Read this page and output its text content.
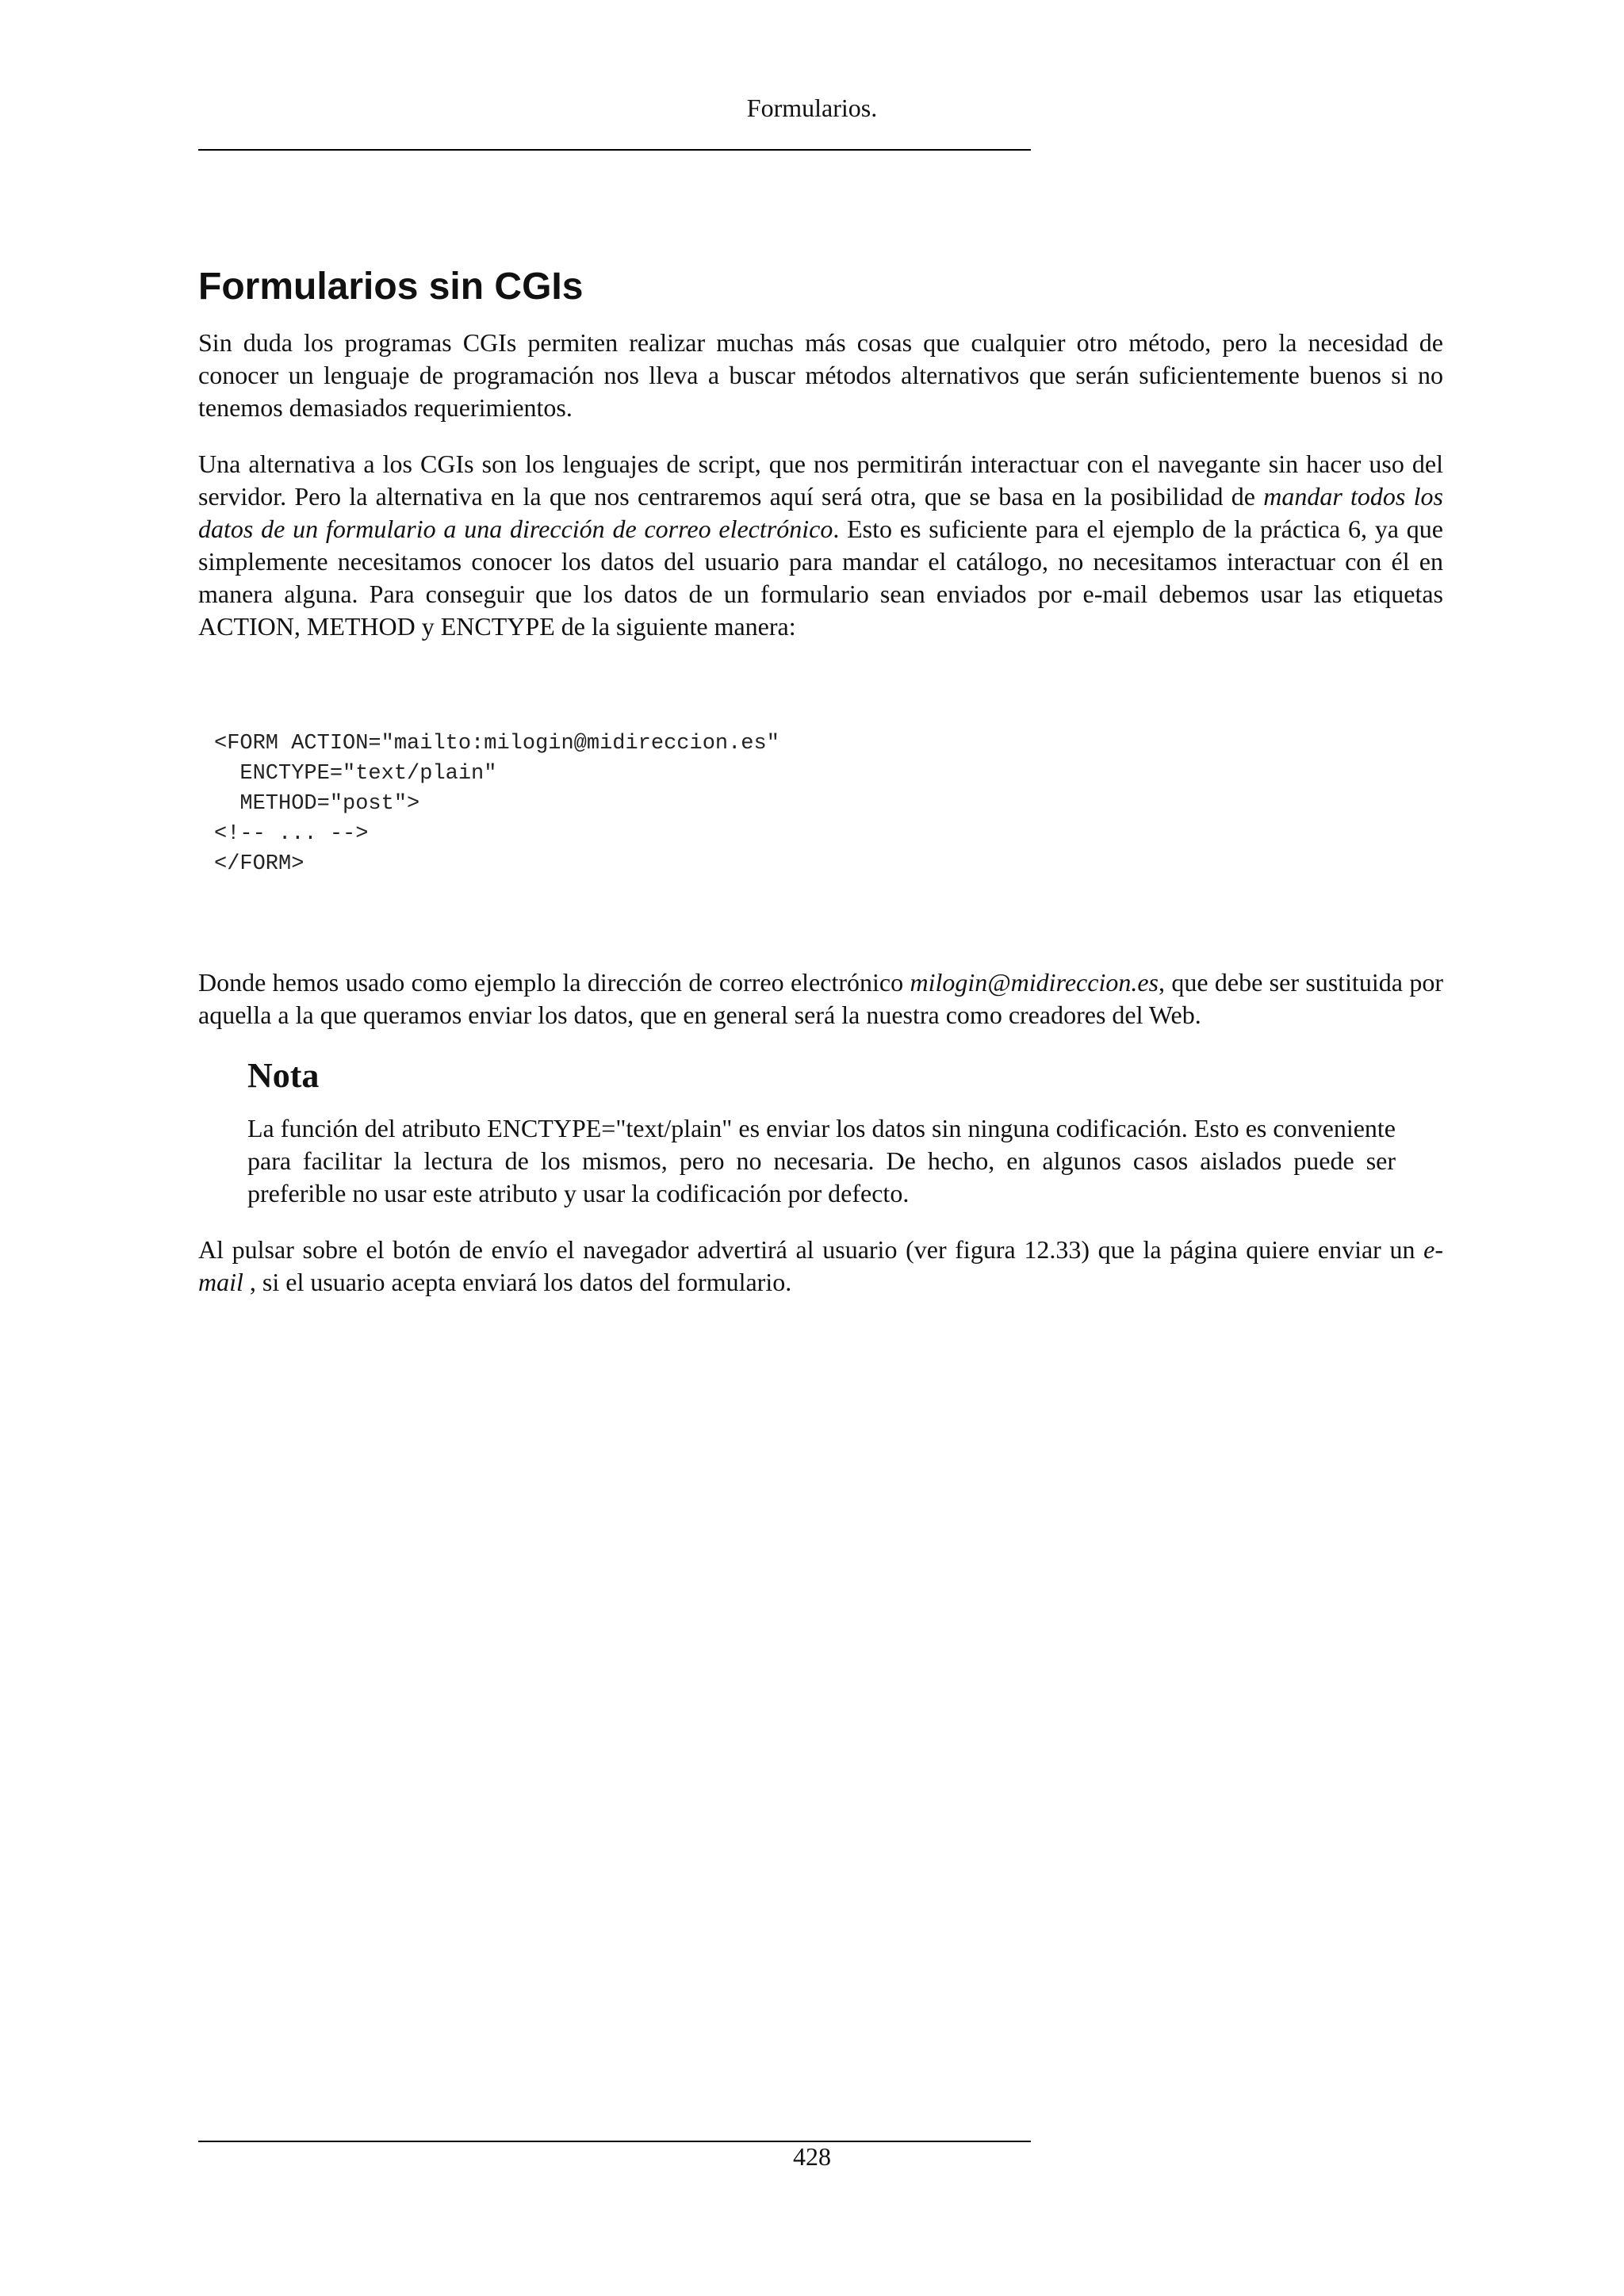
Formularios.
Formularios sin CGIs

Sin duda los programas CGIs permiten realizar muchas más cosas que cualquier otro método, pero la necesidad de conocer un lenguaje de programación nos lleva a buscar métodos alternativos que serán suficientemente buenos si no tenemos demasiados requerimientos.

Una alternativa a los CGIs son los lenguajes de script, que nos permitirán interactuar con el navegante sin hacer uso del servidor. Pero la alternativa en la que nos centraremos aquí será otra, que se basa en la posibilidad de mandar todos los datos de un formulario a una dirección de correo electrónico. Esto es suficiente para el ejemplo de la práctica 6, ya que simplemente necesitamos conocer los datos del usuario para mandar el catálogo, no necesitamos interactuar con él en manera alguna. Para conseguir que los datos de un formulario sean enviados por e-mail debemos usar las etiquetas ACTION, METHOD y ENCTYPE de la siguiente manera:

<FORM ACTION="mailto:milogin@midireccion.es"
ENCTYPE="text/plain"
METHOD="post">
<!-- ... -->
</FORM>

Donde hemos usado como ejemplo la dirección de correo electrónico milogin@midireccion.es, que debe ser sustituida por aquella a la que queramos enviar los datos, que en general será la nuestra como creadores del Web.

Nota

La función del atributo ENCTYPE="text/plain" es enviar los datos sin ninguna codificación. Esto es conveniente para facilitar la lectura de los mismos, pero no necesaria. De hecho, en algunos casos aislados puede ser preferible no usar este atributo y usar la codificación por defecto.

Al pulsar sobre el botón de envío el navegador advertirá al usuario (ver figura 12.33) que la página quiere enviar un e-mail , si el usuario acepta enviará los datos del formulario.

428
